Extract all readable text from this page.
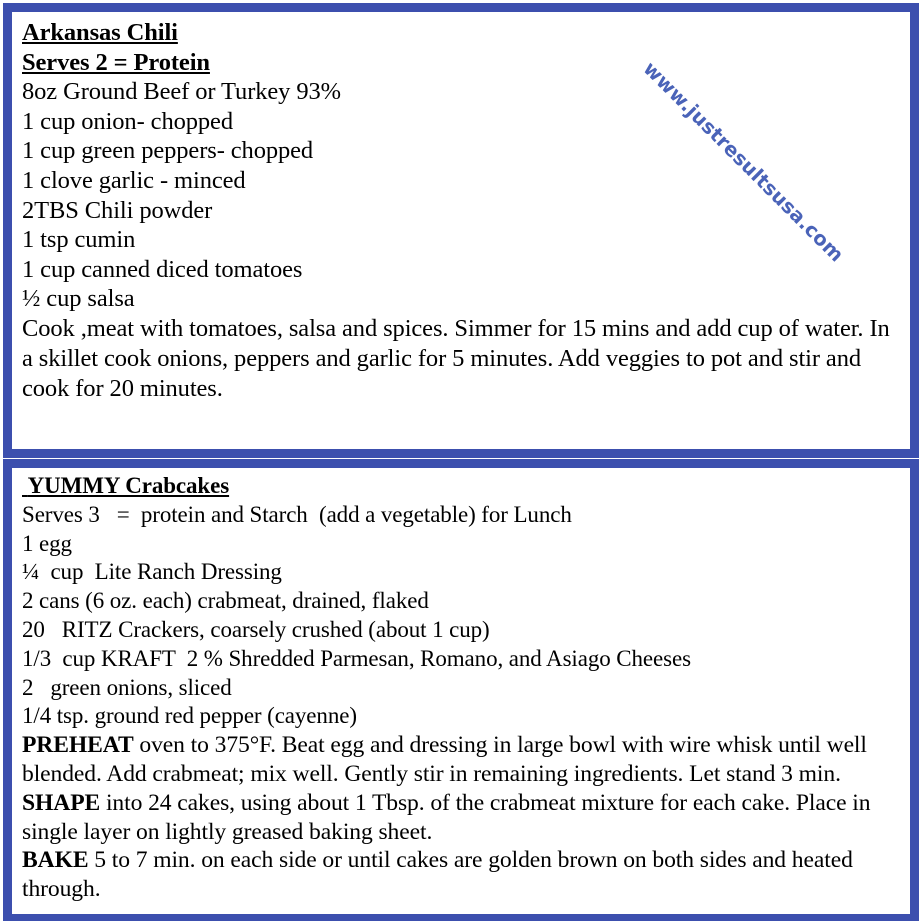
Arkansas Chili
Serves 2 = Protein
8oz Ground Beef or Turkey 93%
1 cup onion- chopped
1 cup green peppers- chopped
1 clove garlic - minced
2TBS Chili powder
1 tsp cumin
1 cup canned diced tomatoes
½ cup salsa
Cook ,meat with tomatoes, salsa and spices. Simmer for 15 mins and add cup of water. In a skillet cook onions, peppers and garlic for 5 minutes. Add veggies to pot and stir and cook for 20 minutes.
YUMMY Crabcakes
Serves 3   =  protein and Starch  (add a vegetable) for Lunch
1 egg
¼  cup  Lite Ranch Dressing
2 cans (6 oz. each) crabmeat, drained, flaked
20   RITZ Crackers, coarsely crushed (about 1 cup)
1/3  cup KRAFT  2 % Shredded Parmesan, Romano, and Asiago Cheeses
2   green onions, sliced
1/4 tsp. ground red pepper (cayenne)
PREHEAT oven to 375°F. Beat egg and dressing in large bowl with wire whisk until well blended. Add crabmeat; mix well. Gently stir in remaining ingredients. Let stand 3 min.
SHAPE into 24 cakes, using about 1 Tbsp. of the crabmeat mixture for each cake. Place in single layer on lightly greased baking sheet.
BAKE 5 to 7 min. on each side or until cakes are golden brown on both sides and heated through.
www.justresultsusa.com
